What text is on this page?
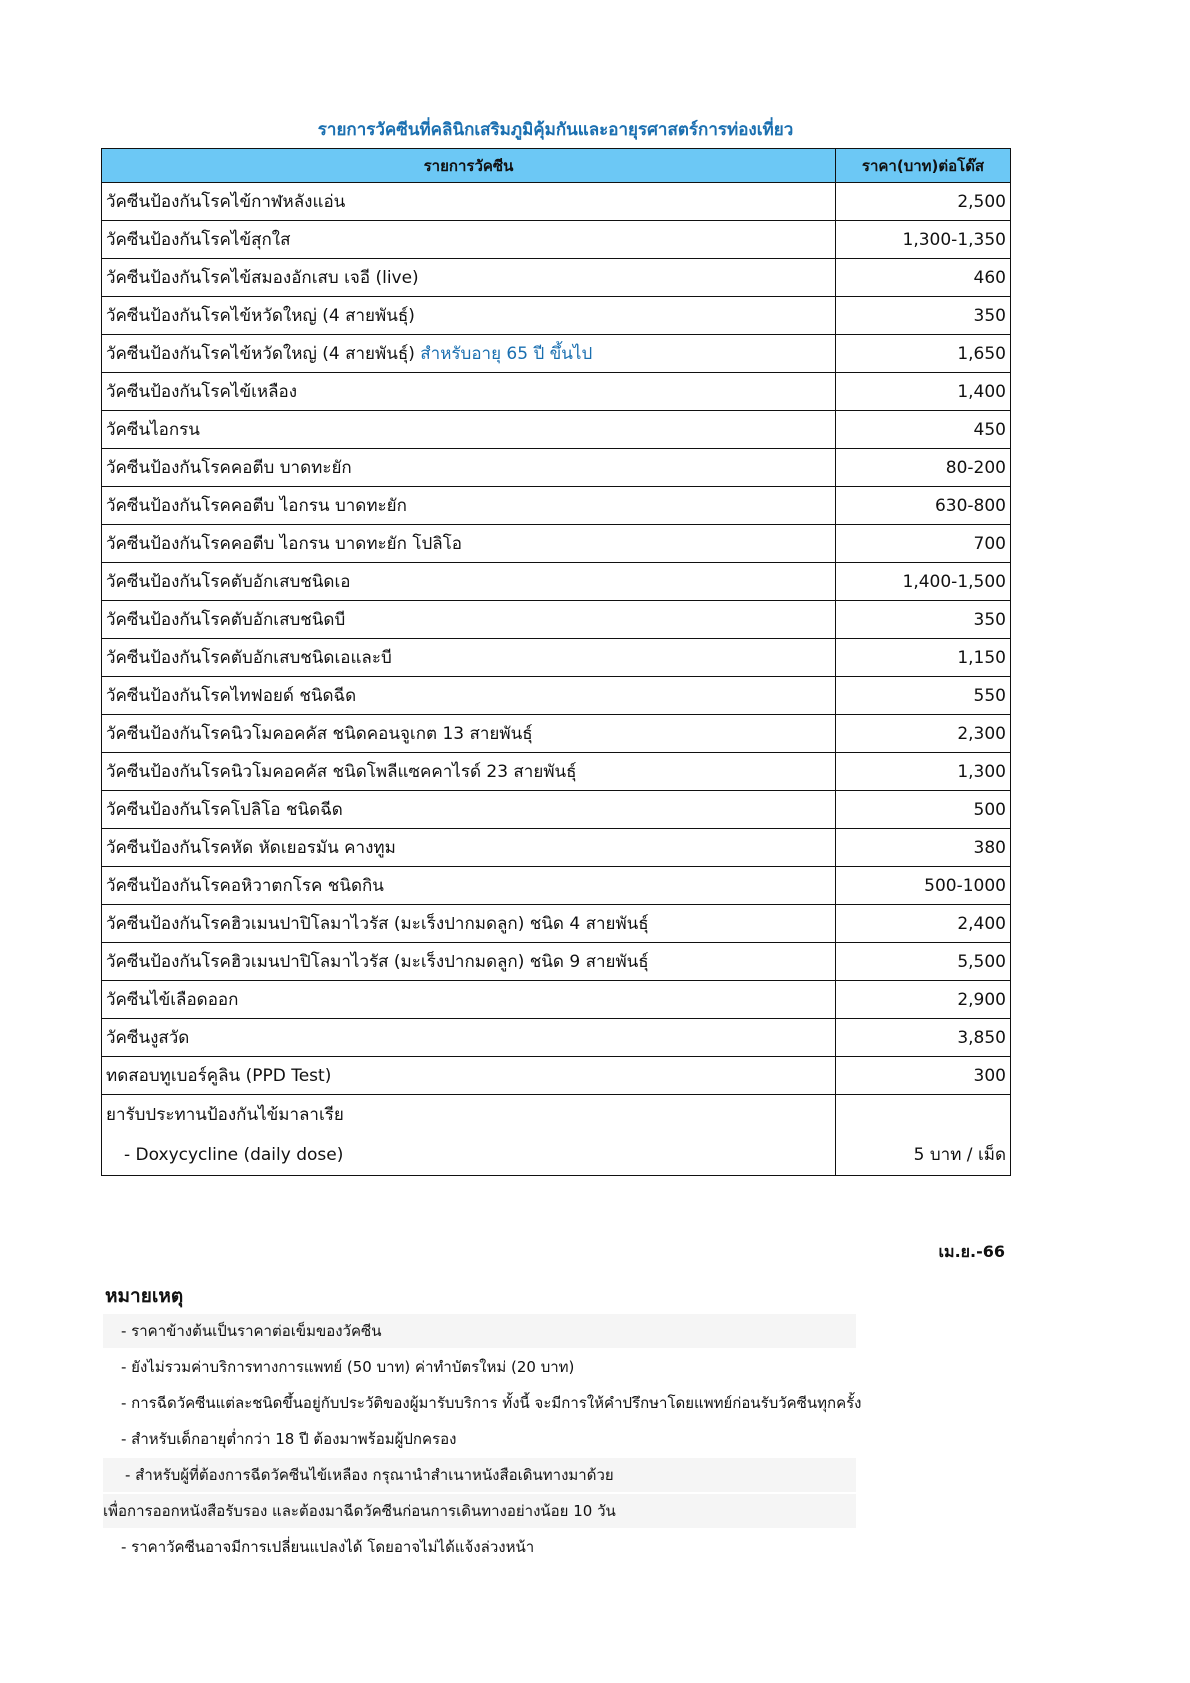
รายการวัคซีนที่คลินิกเสริมภูมิคุ้มกันและอายุรศาสตร์การท่องเที่ยว
รายการวัคซีน	ราคา(บาท)ต่อโด๊ส
วัคซีนป้องกันโรคไข้กาฬหลังแอ่น	2,500
วัคซีนป้องกันโรคไข้สุกใส	1,300-1,350
วัคซีนป้องกันโรคไข้สมองอักเสบ เจอี (live)	460
วัคซีนป้องกันโรคไข้หวัดใหญ่ (4 สายพันธุ์)	350
วัคซีนป้องกันโรคไข้หวัดใหญ่ (4 สายพันธุ์) สำหรับอายุ 65 ปี ขึ้นไป	1,650
วัคซีนป้องกันโรคไข้เหลือง	1,400
วัคซีนไอกรน	450
วัคซีนป้องกันโรคคอตีบ บาดทะยัก	80-200
วัคซีนป้องกันโรคคอตีบ ไอกรน บาดทะยัก	630-800
วัคซีนป้องกันโรคคอตีบ ไอกรน บาดทะยัก โปลิโอ	700
วัคซีนป้องกันโรคตับอักเสบชนิดเอ	1,400-1,500
วัคซีนป้องกันโรคตับอักเสบชนิดบี	350
วัคซีนป้องกันโรคตับอักเสบชนิดเอและบี	1,150
วัคซีนป้องกันโรคไทฟอยด์ ชนิดฉีด	550
วัคซีนป้องกันโรคนิวโมคอคคัส ชนิดคอนจูเกต 13 สายพันธุ์	2,300
วัคซีนป้องกันโรคนิวโมคอคคัส ชนิดโพลีแซคคาไรด์ 23 สายพันธุ์	1,300
วัคซีนป้องกันโรคโปลิโอ ชนิดฉีด	500
วัคซีนป้องกันโรคหัด หัดเยอรมัน คางทูม	380
วัคซีนป้องกันโรคอหิวาตกโรค ชนิดกิน	500-1000
วัคซีนป้องกันโรคฮิวเมนปาปิโลมาไวรัส (มะเร็งปากมดลูก) ชนิด 4 สายพันธุ์	2,400
วัคซีนป้องกันโรคฮิวเมนปาปิโลมาไวรัส (มะเร็งปากมดลูก) ชนิด 9 สายพันธุ์	5,500
วัคซีนไข้เลือดออก	2,900
วัคซีนงูสวัด	3,850
ทดสอบทูเบอร์คูลิน (PPD Test)	300

ยารับประทานป้องกันไข้มาลาเรีย
- Doxycycline (daily dose)	5 บาท / เม็ด
เม.ย.-66
หมายเหตุ
- ราคาข้างต้นเป็นราคาต่อเข็มของวัคซีน
- ยังไม่รวมค่าบริการทางการแพทย์ (50 บาท) ค่าทำบัตรใหม่ (20 บาท)
- การฉีดวัคซีนแต่ละชนิดขึ้นอยู่กับประวัติของผู้มารับบริการ ทั้งนี้ จะมีการให้คำปรึกษาโดยแพทย์ก่อนรับวัคซีนทุกครั้ง
- สำหรับเด็กอายุต่ำกว่า 18 ปี ต้องมาพร้อมผู้ปกครอง
- สำหรับผู้ที่ต้องการฉีดวัคซีนไข้เหลือง กรุณานำสำเนาหนังสือเดินทางมาด้วย
เพื่อการออกหนังสือรับรอง และต้องมาฉีดวัคซีนก่อนการเดินทางอย่างน้อย 10 วัน
- ราคาวัคซีนอาจมีการเปลี่ยนแปลงได้ โดยอาจไม่ได้แจ้งล่วงหน้า
